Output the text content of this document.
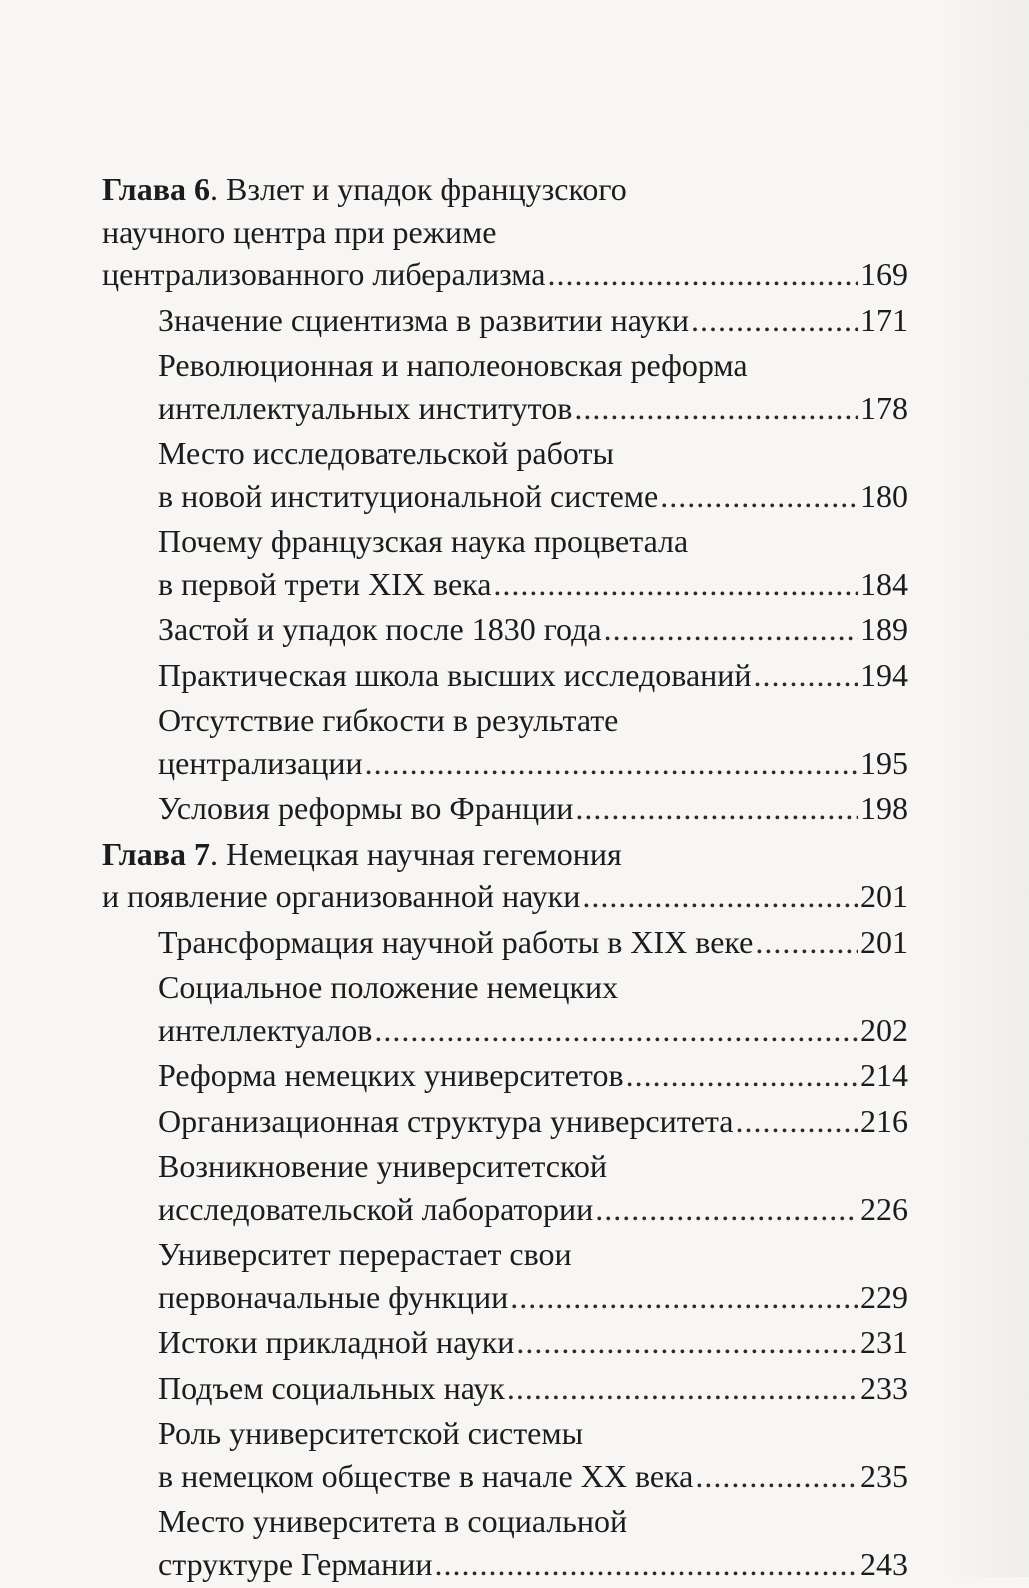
Глава 6. Взлет и упадок французского
научного центра при режиме
централизованного либерализма .....	169
Значение сциентизма в развитии науки .....	171
Революционная и наполеоновская реформа
интеллектуальных институтов .....	178
Место исследовательской работы
в новой институциональной системе .....	180
Почему французская наука процветала
в первой трети XIX века .....	184
Застой и упадок после 1830 года .....	189
Практическая школа высших исследований .....	194
Отсутствие гибкости в результате
централизации .....	195
Условия реформы во Франции .....	198
Глава 7. Немецкая научная гегемония
и появление организованной науки .....	201
Трансформация научной работы в XIX веке .....	201
Социальное положение немецких
интеллектуалов .....	202
Реформа немецких университетов .....	214
Организационная структура университета .....	216
Возникновение университетской
исследовательской лаборатории .....	226
Университет перерастает свои
первоначальные функции .....	229
Истоки прикладной науки .....	231
Подъем социальных наук .....	233
Роль университетской системы
в немецком обществе в начале XX века .....	235
Место университета в социальной
структуре Германии .....	243
